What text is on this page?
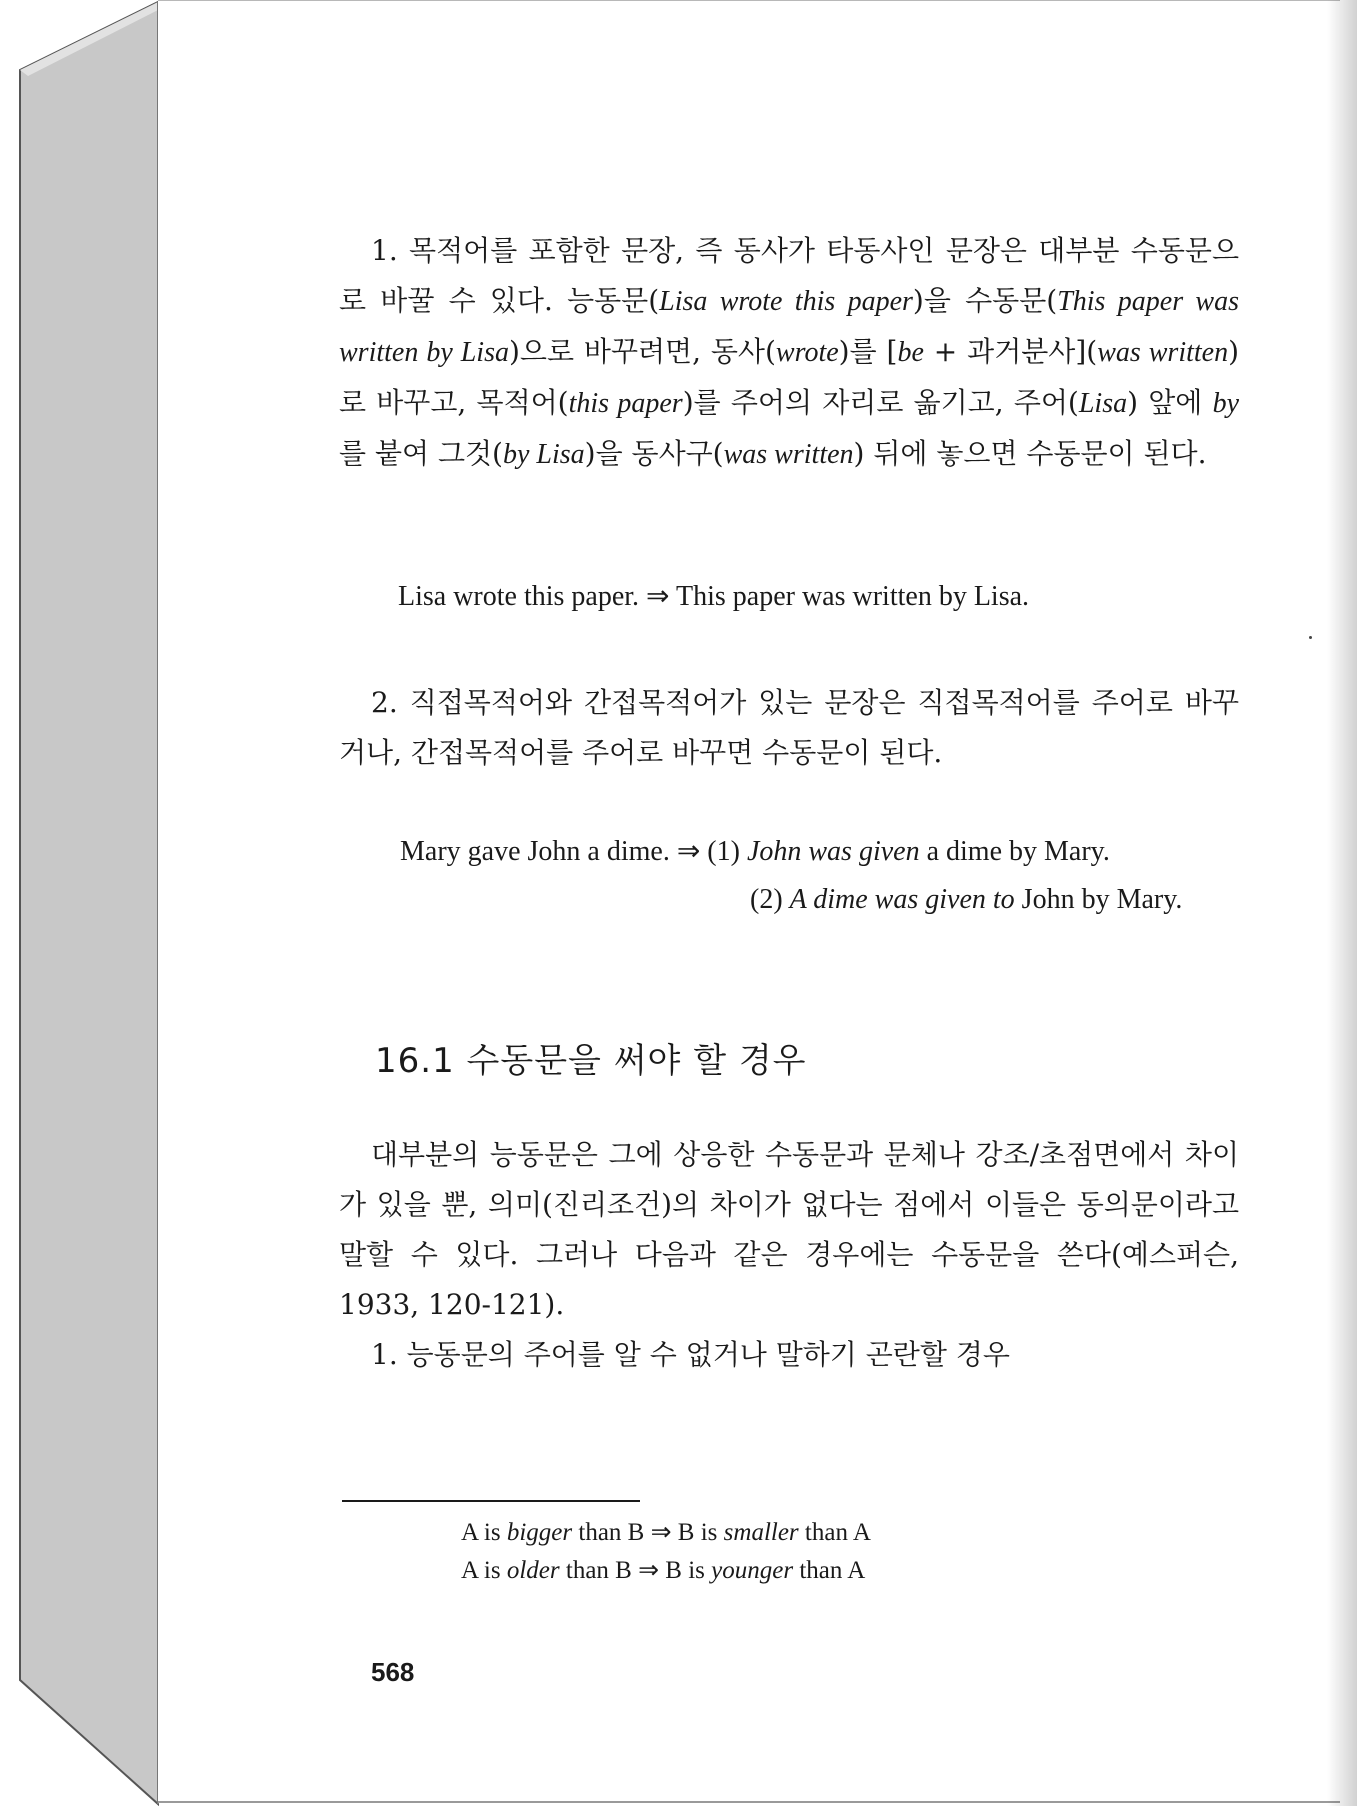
1. 목적어를 포함한 문장, 즉 동사가 타동사인 문장은 대부분 수동문으로 바꿀 수 있다. 능동문(Lisa wrote this paper)을 수동문(This paper was written by Lisa)으로 바꾸려면, 동사(wrote)를 [be + 과거분사](was written)로 바꾸고, 목적어(this paper)를 주어의 자리로 옮기고, 주어(Lisa) 앞에 by를 붙여 그것(by Lisa)을 동사구(was written) 뒤에 놓으면 수동문이 된다.

Lisa wrote this paper. ⇒ This paper was written by Lisa.

2. 직접목적어와 간접목적어가 있는 문장은 직접목적어를 주어로 바꾸거나, 간접목적어를 주어로 바꾸면 수동문이 된다.

Mary gave John a dime. ⇒ (1) John was given a dime by Mary.
(2) A dime was given to John by Mary.
16.1 수동문을 써야 할 경우

대부분의 능동문은 그에 상응한 수동문과 문체나 강조/초점면에서 차이가 있을 뿐, 의미(진리조건)의 차이가 없다는 점에서 이들은 동의문이라고 말할 수 있다. 그러나 다음과 같은 경우에는 수동문을 쓴다(예스퍼슨, 1933, 120-121).

1. 능동문의 주어를 알 수 없거나 말하기 곤란할 경우

A is bigger than B ⇒ B is smaller than A
A is older than B ⇒ B is younger than A
568
